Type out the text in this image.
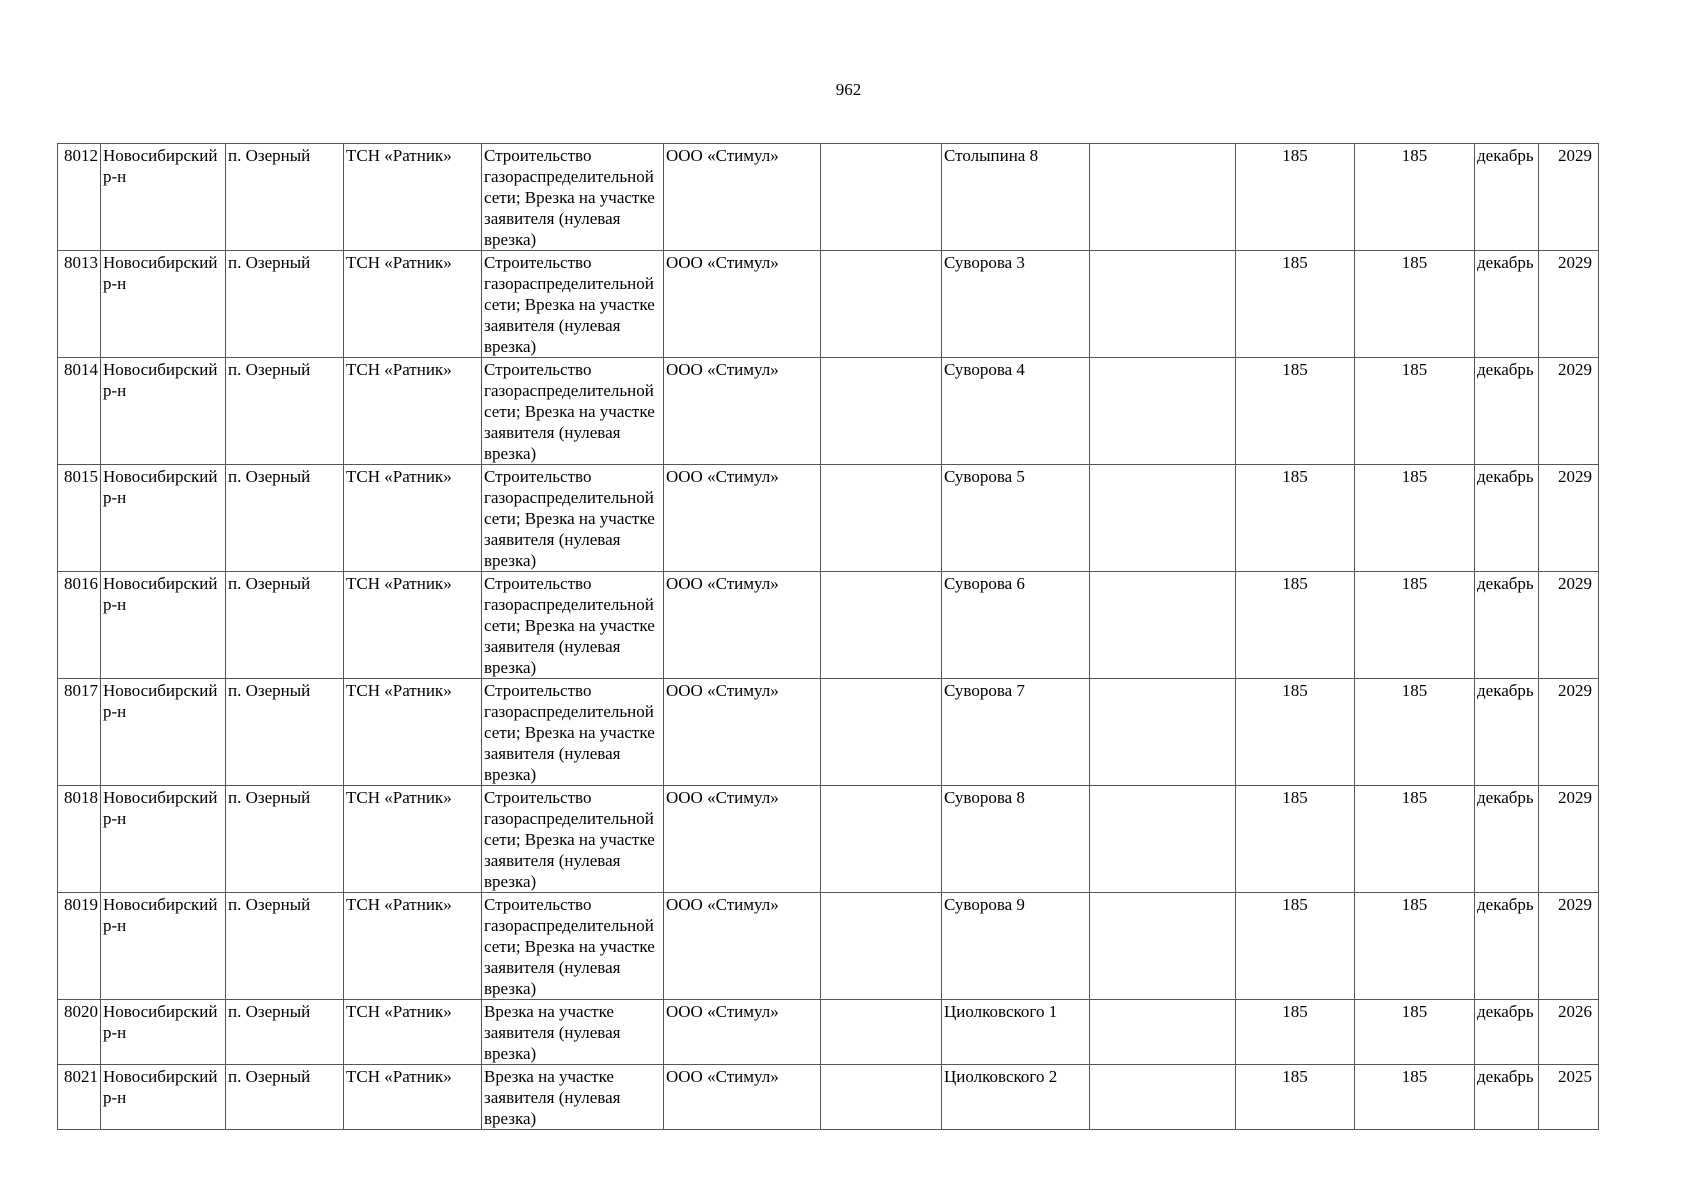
962
8012	Новосибирский р-н	п. Озерный	ТСН «Ратник»	Строительство газораспределительной сети; Врезка на участке заявителя (нулевая врезка)	ООО «Стимул»		Столыпина 8		185	185	декабрь	2029
8013	Новосибирский р-н	п. Озерный	ТСН «Ратник»	Строительство газораспределительной сети; Врезка на участке заявителя (нулевая врезка)	ООО «Стимул»		Суворова 3		185	185	декабрь	2029
8014	Новосибирский р-н	п. Озерный	ТСН «Ратник»	Строительство газораспределительной сети; Врезка на участке заявителя (нулевая врезка)	ООО «Стимул»		Суворова 4		185	185	декабрь	2029
8015	Новосибирский р-н	п. Озерный	ТСН «Ратник»	Строительство газораспределительной сети; Врезка на участке заявителя (нулевая врезка)	ООО «Стимул»		Суворова 5		185	185	декабрь	2029
8016	Новосибирский р-н	п. Озерный	ТСН «Ратник»	Строительство газораспределительной сети; Врезка на участке заявителя (нулевая врезка)	ООО «Стимул»		Суворова 6		185	185	декабрь	2029
8017	Новосибирский р-н	п. Озерный	ТСН «Ратник»	Строительство газораспределительной сети; Врезка на участке заявителя (нулевая врезка)	ООО «Стимул»		Суворова 7		185	185	декабрь	2029
8018	Новосибирский р-н	п. Озерный	ТСН «Ратник»	Строительство газораспределительной сети; Врезка на участке заявителя (нулевая врезка)	ООО «Стимул»		Суворова 8		185	185	декабрь	2029
8019	Новосибирский р-н	п. Озерный	ТСН «Ратник»	Строительство газораспределительной сети; Врезка на участке заявителя (нулевая врезка)	ООО «Стимул»		Суворова 9		185	185	декабрь	2029
8020	Новосибирский р-н	п. Озерный	ТСН «Ратник»	Врезка на участке заявителя (нулевая врезка)	ООО «Стимул»		Циолковского 1		185	185	декабрь	2026
8021	Новосибирский р-н	п. Озерный	ТСН «Ратник»	Врезка на участке заявителя (нулевая врезка)	ООО «Стимул»		Циолковского 2		185	185	декабрь	2025
